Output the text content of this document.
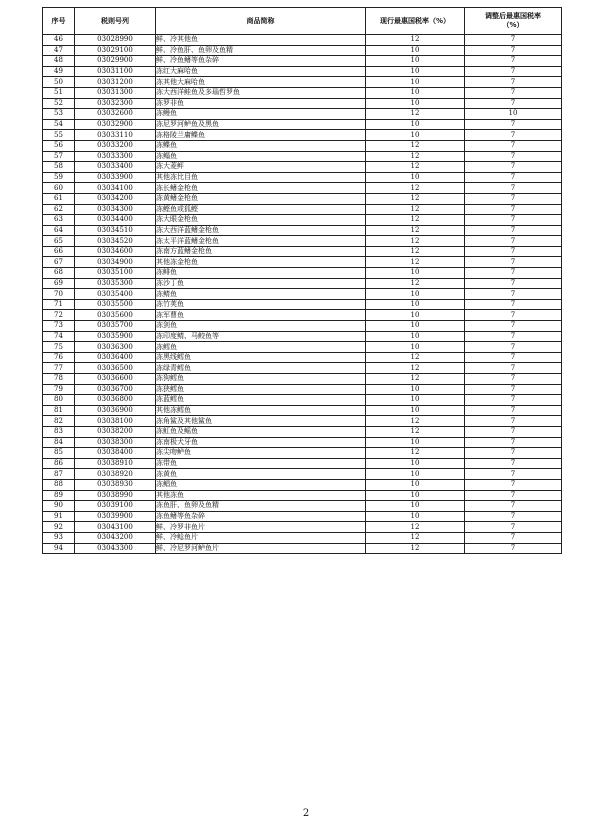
序号	税则号列	商品简称	现行最惠国税率（%）	调整后最惠国税率
（%）
46	03028990	鲜、冷其他鱼	12	7
47	03029100	鲜、冷鱼肝、鱼卵及鱼精	10	7
48	03029900	鲜、冷鱼鳍等鱼杂碎	10	7
49	03031100	冻红大麻哈鱼	10	7
50	03031200	冻其他大麻哈鱼	10	7
51	03031300	冻大西洋鲑鱼及多瑙哲罗鱼	10	7
52	03032300	冻罗非鱼	10	7
53	03032600	冻鳗鱼	12	10
54	03032900	冻尼罗河鲈鱼及黑鱼	10	7
55	03033110	冻格陵兰庸鲽鱼	10	7
56	03033200	冻鲽鱼	12	7
57	03033300	冻鳎鱼	12	7
58	03033400	冻大菱鲆	12	7
59	03033900	其他冻比目鱼	10	7
60	03034100	冻长鳍金枪鱼	12	7
61	03034200	冻黄鳍金枪鱼	12	7
62	03034300	冻鲣鱼或狐鲣	12	7
63	03034400	冻大眼金枪鱼	12	7
64	03034510	冻大西洋蓝鳍金枪鱼	12	7
65	03034520	冻太平洋蓝鳍金枪鱼	12	7
66	03034600	冻南方蓝鳍金枪鱼	12	7
67	03034900	其他冻金枪鱼	12	7
68	03035100	冻鲱鱼	10	7
69	03035300	冻沙丁鱼	12	7
70	03035400	冻鲭鱼	10	7
71	03035500	冻竹荚鱼	10	7
72	03035600	冻军曹鱼	10	7
73	03035700	冻剑鱼	10	7
74	03035900	冻印度鲭、马鲛鱼等	10	7
75	03036300	冻鳕鱼	10	7
76	03036400	冻黑线鳕鱼	12	7
77	03036500	冻绿青鳕鱼	12	7
78	03036600	冻狗鳕鱼	12	7
79	03036700	冻狭鳕鱼	10	7
80	03036800	冻蓝鳕鱼	10	7
81	03036900	其他冻鳕鱼	10	7
82	03038100	冻角鲨及其他鲨鱼	12	7
83	03038200	冻魟鱼及鳐鱼	12	7
84	03038300	冻南极犬牙鱼	10	7
85	03038400	冻尖吻鲈鱼	12	7
86	03038910	冻带鱼	10	7
87	03038920	冻黄鱼	10	7
88	03038930	冻鲳鱼	10	7
89	03038990	其他冻鱼	10	7
90	03039100	冻鱼肝、鱼卵及鱼精	10	7
91	03039900	冻鱼鳍等鱼杂碎	10	7
92	03043100	鲜、冷罗非鱼片	12	7
93	03043200	鲜、冷鲶鱼片	12	7
94	03043300	鲜、冷尼罗河鲈鱼片	12	7
2
